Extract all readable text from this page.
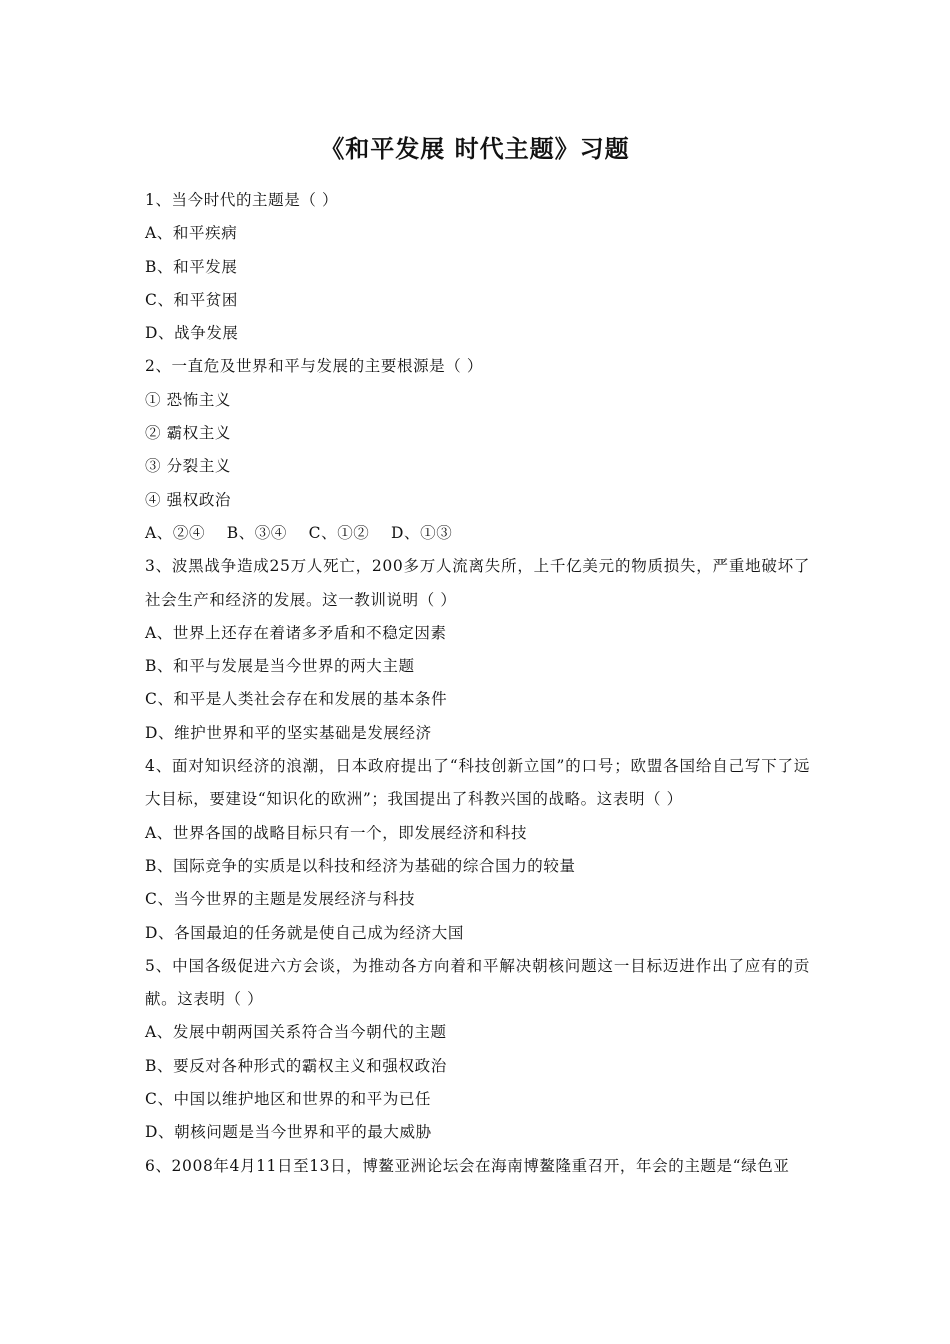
《和平发展 时代主题》习题
1、当今时代的主题是（ ）
A、和平疾病
B、和平发展
C、和平贫困
D、战争发展
2、一直危及世界和平与发展的主要根源是（ ）
① 恐怖主义
② 霸权主义
③ 分裂主义
④ 强权政治
A、②④　 B、③④　 C、①②　 D、①③
3、波黑战争造成25万人死亡，200多万人流离失所，上千亿美元的物质损失，严重地破坏了社会生产和经济的发展。这一教训说明（ ）
A、世界上还存在着诸多矛盾和不稳定因素
B、和平与发展是当今世界的两大主题
C、和平是人类社会存在和发展的基本条件
D、维护世界和平的坚实基础是发展经济
4、面对知识经济的浪潮，日本政府提出了“科技创新立国”的口号；欧盟各国给自己写下了远大目标，要建设“知识化的欧洲”；我国提出了科教兴国的战略。这表明（ ）
A、世界各国的战略目标只有一个，即发展经济和科技
B、国际竞争的实质是以科技和经济为基础的综合国力的较量
C、当今世界的主题是发展经济与科技
D、各国最迫的任务就是使自己成为经济大国
5、中国各级促进六方会谈，为推动各方向着和平解决朝核问题这一目标迈进作出了应有的贡献。这表明（ ）
A、发展中朝两国关系符合当今朝代的主题
B、要反对各种形式的霸权主义和强权政治
C、中国以维护地区和世界的和平为已任
D、朝核问题是当今世界和平的最大威胁
6、2008年4月11日至13日，博鳌亚洲论坛会在海南博鳌隆重召开，年会的主题是“绿色亚
